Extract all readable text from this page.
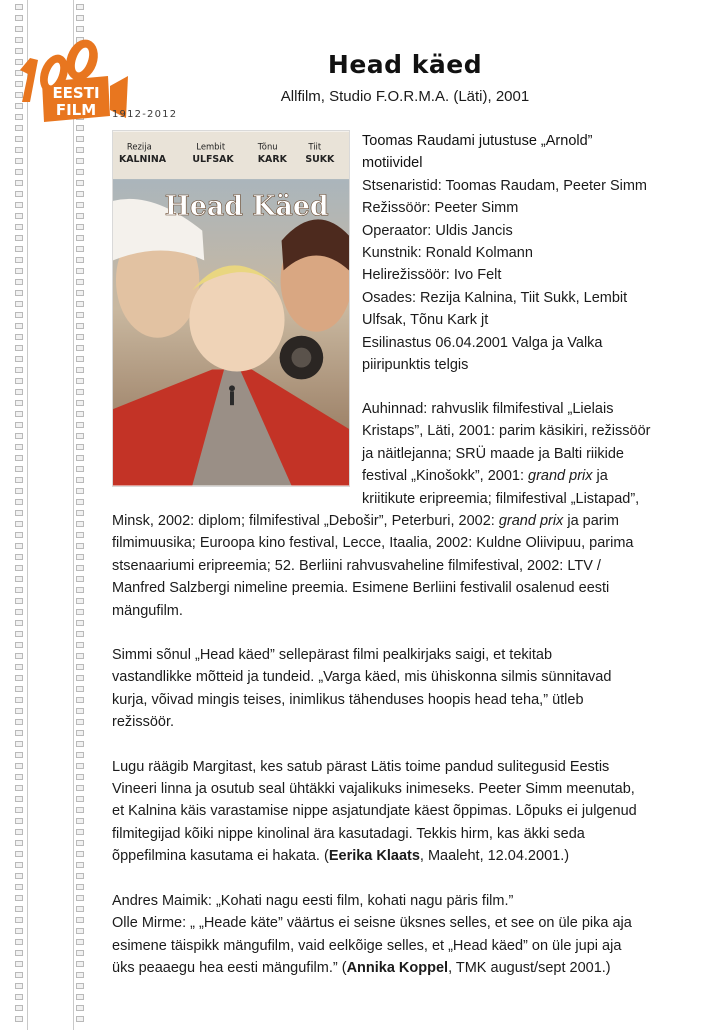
EESTI
FILM 1912-2012
Head käed
Allfilm, Studio F.O.R.M.A. (Läti), 2001
Rezija
KALNINA
Lembit
ULFSAK
Tõnu
KARK
Tiit
SUKK
Head Käed

Toomas Raudami jutustuse „Arnold”

motiividel

Stsenaristid: Toomas Raudam, Peeter Simm

Režissöör: Peeter Simm

Operaator: Uldis Jancis

Kunstnik: Ronald Kolmann

Helirežissöör: Ivo Felt

Osades: Rezija Kalnina, Tiit Sukk, Lembit

Ulfsak, Tõnu Kark jt

Esilinastus 06.04.2001 Valga ja Valka

piiripunktis telgis

Auhinnad: rahvuslik filmifestival „Lielais

Kristaps”, Läti, 2001: parim käsikiri, režissöör

ja näitlejanna; SRÜ maade ja Balti riikide

festival „Kinošokk”, 2001: grand prix ja

kriitikute eripreemia; filmifestival „Listapad”,

Minsk, 2002: diplom; filmifestival „Debošir”, Peterburi, 2002: grand prix ja parim

filmimuusika; Euroopa kino festival, Lecce, Itaalia, 2002: Kuldne Oliivipuu, parima

stsenaariumi eripreemia; 52. Berliini rahvusvaheline filmifestival, 2002: LTV /

Manfred Salzbergi nimeline preemia. Esimene Berliini festivalil osalenud eesti

mängufilm.

Simmi sõnul „Head käed” sellepärast filmi pealkirjaks saigi, et tekitab

vastandlikke mõtteid ja tundeid. „Varga käed, mis ühiskonna silmis sünnitavad

kurja, võivad mingis teises, inimlikus tähenduses hoopis head teha,” ütleb

režissöör.

Lugu räägib Margitast, kes satub pärast Lätis toime pandud sulitegusid Eestis

Vineeri linna ja osutub seal ühtäkki vajalikuks inimeseks. Peeter Simm meenutab,

et Kalnina käis varastamise nippe asjatundjate käest õppimas. Lõpuks ei julgenud

filmitegijad kõiki nippe kinolinal ära kasutadagi. Tekkis hirm, kas äkki seda

õppefilmina kasutama ei hakata. (Eerika Klaats, Maaleht, 12.04.2001.)

Andres Maimik: „Kohati nagu eesti film, kohati nagu päris film.”

Olle Mirme: „ „Heade käte” väärtus ei seisne üksnes selles, et see on üle pika aja

esimene täispikk mängufilm, vaid eelkõige selles, et „Head käed” on üle jupi aja

üks peaaegu hea eesti mängufilm.” (Annika Koppel, TMK august/sept 2001.)
